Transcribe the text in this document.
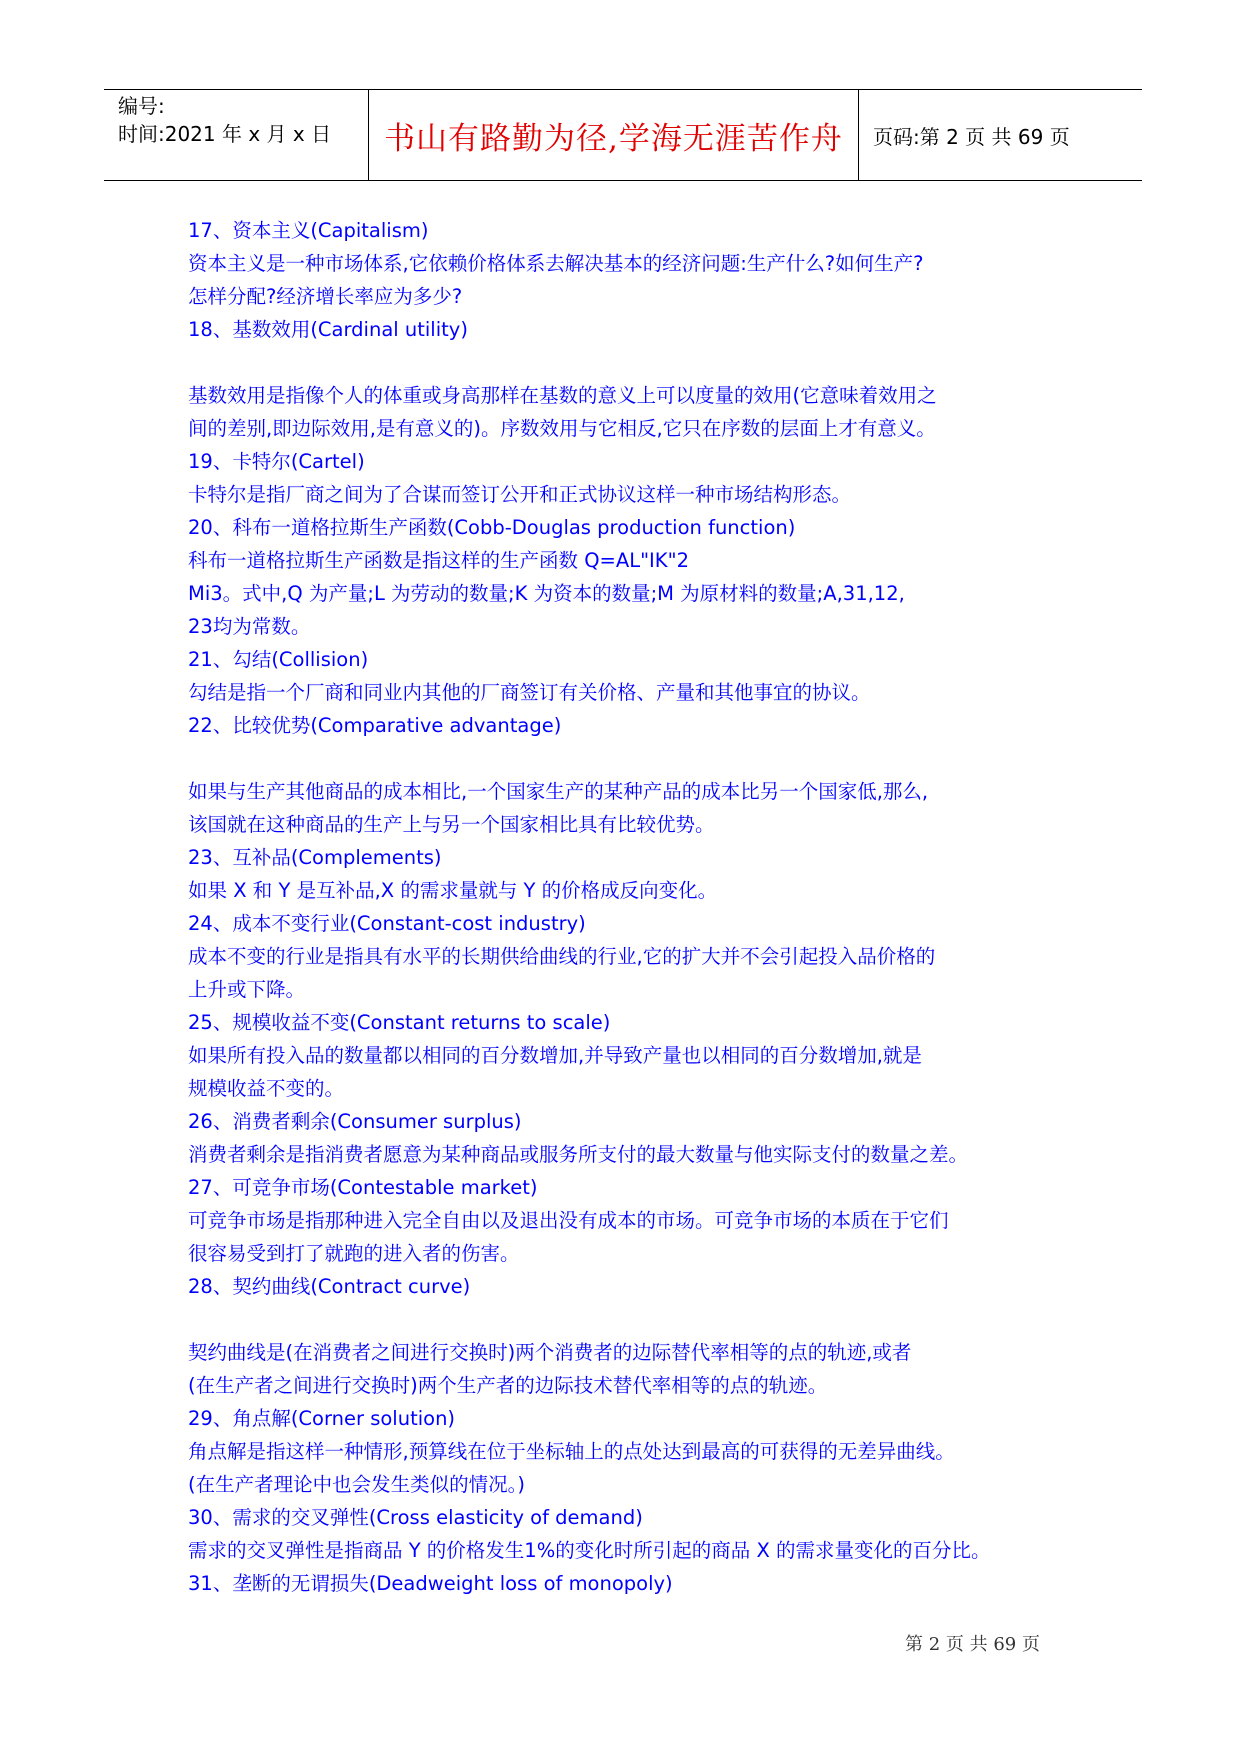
编号:
时间:2021 年 x 月 x 日	书山有路勤为径,学海无涯苦作舟 页码:第 2 页 共 69 页
17、资本主义(Capitalism)
资本主义是一种市场体系,它依赖价格体系去解决基本的经济问题:生产什么?如何生产?
怎样分配?经济增长率应为多少?
18、基数效用(Cardinal utility)
基数效用是指像个人的体重或身高那样在基数的意义上可以度量的效用(它意味着效用之
间的差别,即边际效用,是有意义的)。序数效用与它相反,它只在序数的层面上才有意义。
19、卡特尔(Cartel)
卡特尔是指厂商之间为了合谋而签订公开和正式协议这样一种市场结构形态。
20、科布一道格拉斯生产函数(Cobb-Douglas production function)
科布一道格拉斯生产函数是指这样的生产函数 Q=AL"IK"2
Mi3。式中,Q 为产量;L 为劳动的数量;K 为资本的数量;M 为原材料的数量;A,31,12,
23均为常数。
21、勾结(Collision)
勾结是指一个厂商和同业内其他的厂商签订有关价格、产量和其他事宜的协议。
22、比较优势(Comparative advantage)
如果与生产其他商品的成本相比,一个国家生产的某种产品的成本比另一个国家低,那么,
该国就在这种商品的生产上与另一个国家相比具有比较优势。
23、互补品(Complements)
如果 X 和 Y 是互补品,X 的需求量就与 Y 的价格成反向变化。
24、成本不变行业(Constant-cost industry)
成本不变的行业是指具有水平的长期供给曲线的行业,它的扩大并不会引起投入品价格的
上升或下降。
25、规模收益不变(Constant returns to scale)
如果所有投入品的数量都以相同的百分数增加,并导致产量也以相同的百分数增加,就是
规模收益不变的。
26、消费者剩余(Consumer surplus)
消费者剩余是指消费者愿意为某种商品或服务所支付的最大数量与他实际支付的数量之差。
27、可竞争市场(Contestable market)
可竞争市场是指那种进入完全自由以及退出没有成本的市场。可竞争市场的本质在于它们
很容易受到打了就跑的进入者的伤害。
28、契约曲线(Contract curve)
契约曲线是(在消费者之间进行交换时)两个消费者的边际替代率相等的点的轨迹,或者
(在生产者之间进行交换时)两个生产者的边际技术替代率相等的点的轨迹。
29、角点解(Corner solution)
角点解是指这样一种情形,预算线在位于坐标轴上的点处达到最高的可获得的无差异曲线。
(在生产者理论中也会发生类似的情况。)
30、需求的交叉弹性(Cross elasticity of demand)
需求的交叉弹性是指商品 Y 的价格发生1%的变化时所引起的商品 X 的需求量变化的百分比。
31、垄断的无谓损失(Deadweight loss of monopoly)
第 2 页 共 69 页
